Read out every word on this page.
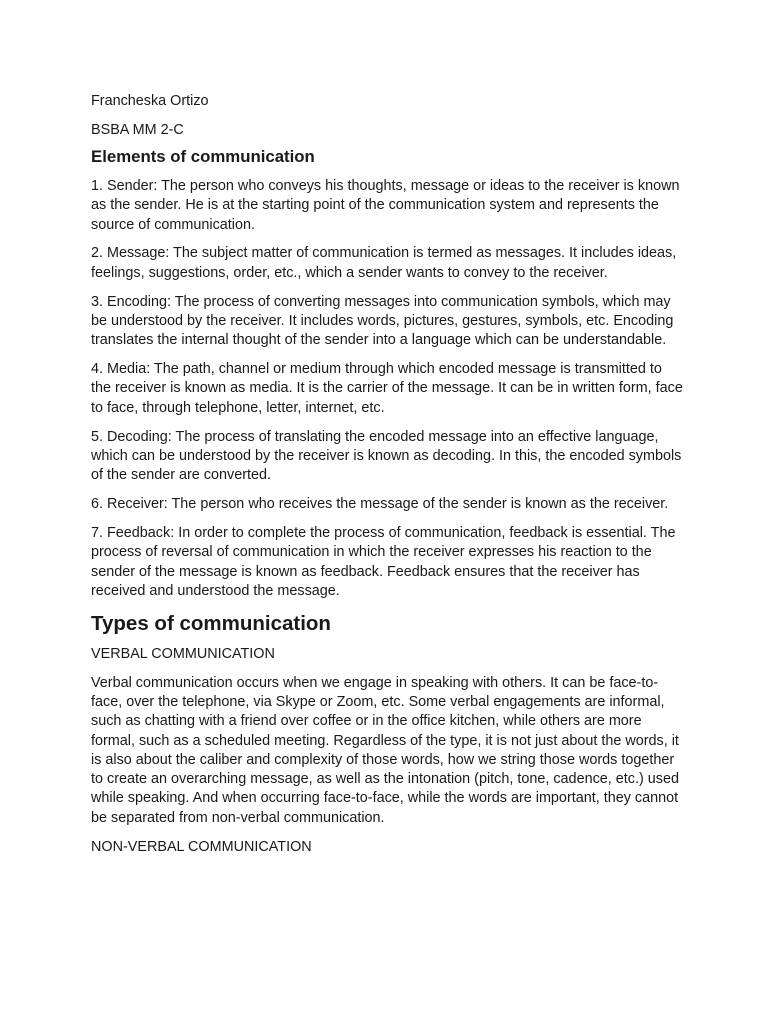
Francheska Ortizo

BSBA MM 2-C

Elements of communication

1. Sender: The person who conveys his thoughts, message or ideas to the receiver is known as the sender. He is at the starting point of the communication system and represents the source of communication.

2. Message: The subject matter of communication is termed as messages. It includes ideas, feelings, suggestions, order, etc., which a sender wants to convey to the receiver.

3. Encoding: The process of converting messages into communication symbols, which may be understood by the receiver. It includes words, pictures, gestures, symbols, etc. Encoding translates the internal thought of the sender into a language which can be understandable.

4. Media: The path, channel or medium through which encoded message is transmitted to the receiver is known as media. It is the carrier of the message. It can be in written form, face to face, through telephone, letter, internet, etc.

5. Decoding: The process of translating the encoded message into an effective language, which can be understood by the receiver is known as decoding. In this, the encoded symbols of the sender are converted.

6. Receiver: The person who receives the message of the sender is known as the receiver.

7. Feedback: In order to complete the process of communication, feedback is essential. The process of reversal of communication in which the receiver expresses his reaction to the sender of the message is known as feedback. Feedback ensures that the receiver has received and understood the message.

Types of communication

VERBAL COMMUNICATION

Verbal communication occurs when we engage in speaking with others. It can be face-to-face, over the telephone, via Skype or Zoom, etc. Some verbal engagements are informal, such as chatting with a friend over coffee or in the office kitchen, while others are more formal, such as a scheduled meeting. Regardless of the type, it is not just about the words, it is also about the caliber and complexity of those words, how we string those words together to create an overarching message, as well as the intonation (pitch, tone, cadence, etc.) used while speaking. And when occurring face-to-face, while the words are important, they cannot be separated from non-verbal communication.

NON-VERBAL COMMUNICATION
